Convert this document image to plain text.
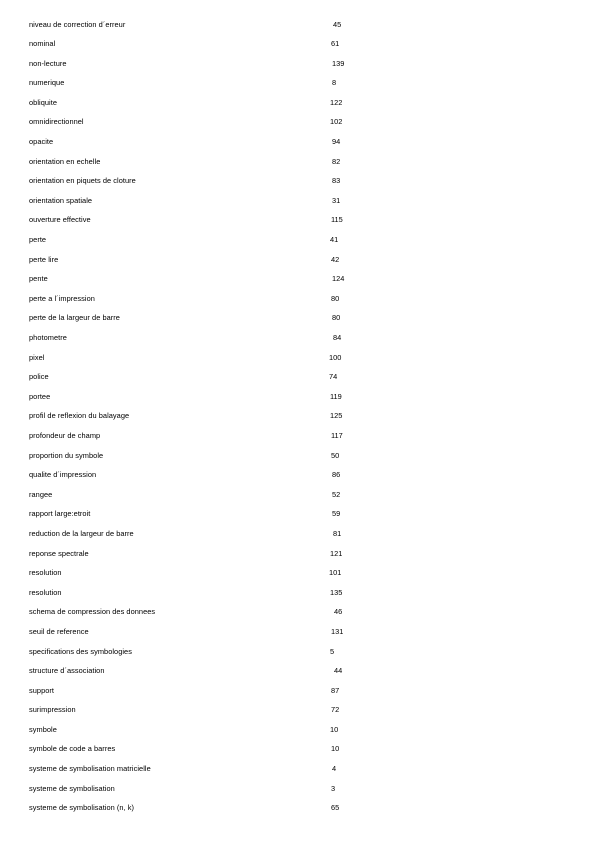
niveau de correction d´erreur	45
nominal	61
non-lecture	139
numerique	8
obliquite	122
omnidirectionnel	102
opacite	94
orientation en echelle	82
orientation en piquets de cloture	83
orientation spatiale	31
ouverture effective	115
perte	41
perte lire	42
pente	124
perte a l´impression	80
perte de la largeur de barre	80
photometre	84
pixel	100
police	74
portee	119
profil de reflexion du balayage	125
profondeur de champ	117
proportion du symbole	50
qualite d´impression	86
rangee	52
rapport large:etroit	59
reduction de la largeur de barre	81
reponse spectrale	121
resolution	101
resolution	135
schema de compression des donnees	46
seuil de reference	131
specifications des symbologies	5
structure d´association	44
support	87
surimpression	72
symbole	10
symbole de code a barres	10
systeme de symbolisation matricielle	4
systeme de symbolisation	3
systeme de symbolisation (n, k)	65
